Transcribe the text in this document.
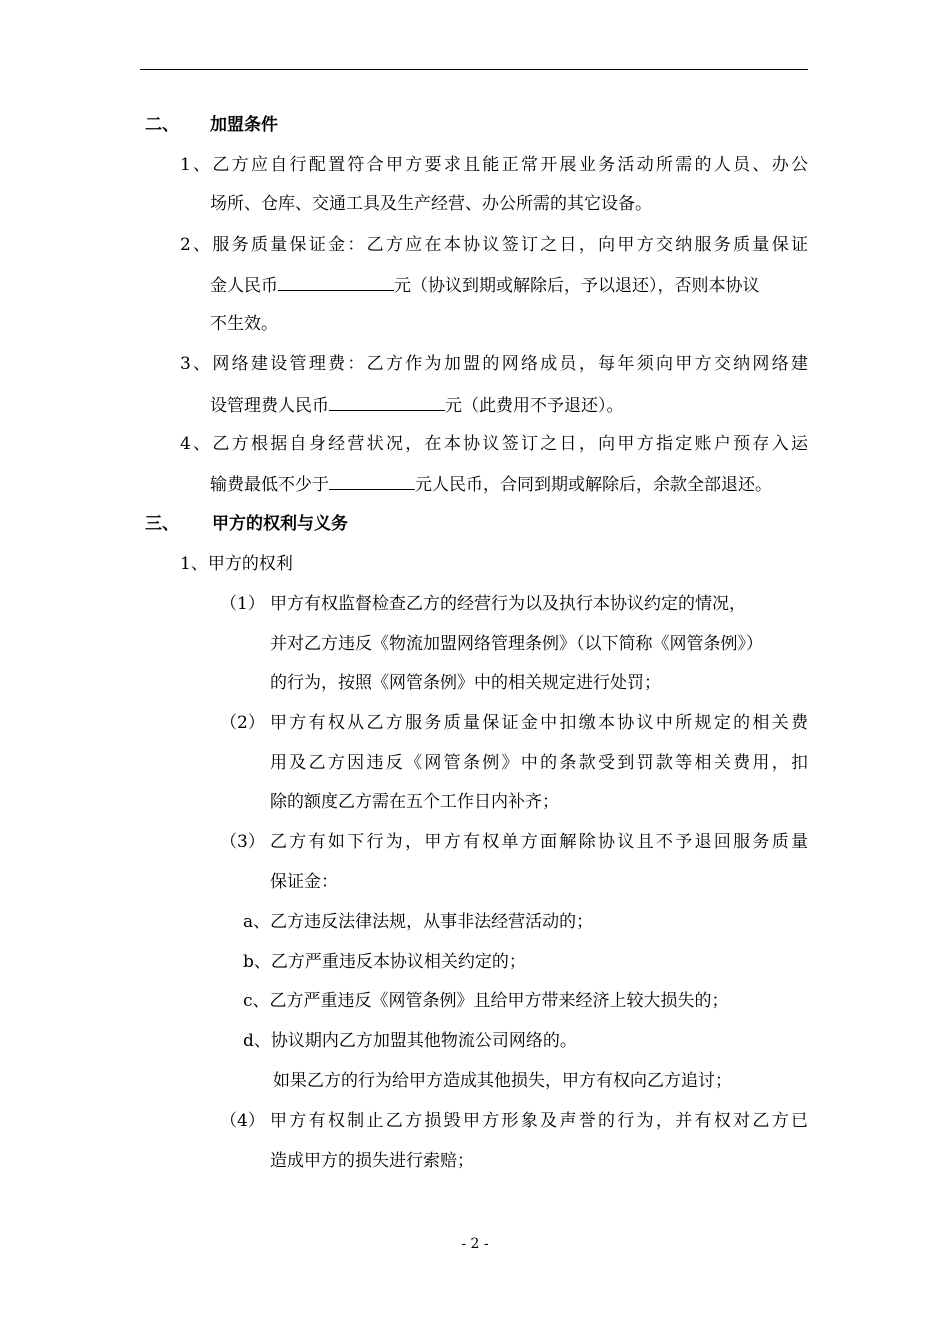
二、 加盟条件
1、乙方应自行配置符合甲方要求且能正常开展业务活动所需的人员、办公
场所、仓库、交通工具及生产经营、办公所需的其它设备。
2、服务质量保证金：乙方应在本协议签订之日，向甲方交纳服务质量保证
金人民币	元（协议到期或解除后，予以退还），否则本协议
不生效。
3、网络建设管理费：乙方作为加盟的网络成员，每年须向甲方交纳网络建
设管理费人民币	元（此费用不予退还）。
4、乙方根据自身经营状况，在本协议签订之日，向甲方指定账户预存入运
输费最低不少于	元人民币，合同到期或解除后，余款全部退还。
三、 甲方的权利与义务
1、甲方的权利
（1） 甲方有权监督检查乙方的经营行为以及执行本协议约定的情况，
并对乙方违反《物流加盟网络管理条例》（以下简称《网管条例》）
的行为，按照《网管条例》中的相关规定进行处罚；
（2） 甲方有权从乙方服务质量保证金中扣缴本协议中所规定的相关费
用及乙方因违反《网管条例》中的条款受到罚款等相关费用，扣
除的额度乙方需在五个工作日内补齐；
（3） 乙方有如下行为，甲方有权单方面解除协议且不予退回服务质量
保证金：
a、乙方违反法律法规，从事非法经营活动的；
b、乙方严重违反本协议相关约定的；
c、乙方严重违反《网管条例》且给甲方带来经济上较大损失的；
d、协议期内乙方加盟其他物流公司网络的。
如果乙方的行为给甲方造成其他损失，甲方有权向乙方追讨；
（4） 甲方有权制止乙方损毁甲方形象及声誉的行为，并有权对乙方已
造成甲方的损失进行索赔；
- 2 -
